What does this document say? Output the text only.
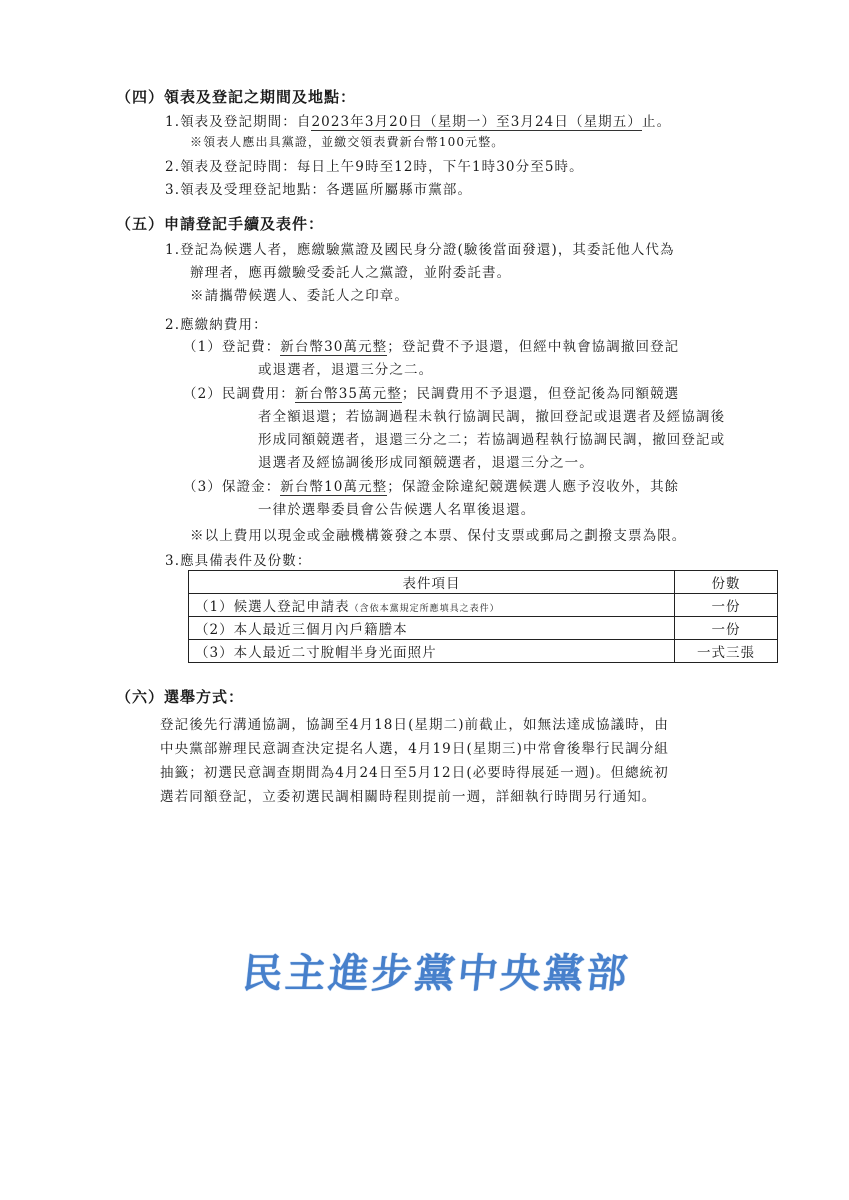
（四）領表及登記之期間及地點：
1.領表及登記期間：自2023年3月20日（星期一）至3月24日（星期五）止。
※領表人應出具黨證，並繳交領表費新台幣100元整。
2.領表及登記時間：每日上午9時至12時，下午1時30分至5時。
3.領表及受理登記地點：各選區所屬縣市黨部。
（五）申請登記手續及表件：
1.登記為候選人者，應繳驗黨證及國民身分證(驗後當面發還)，其委託他人代為
辦理者，應再繳驗受委託人之黨證，並附委託書。
※請攜帶候選人、委託人之印章。
2.應繳納費用：
（1）登記費：新台幣30萬元整；登記費不予退還，但經中執會協調撤回登記
或退選者，退還三分之二。
（2）民調費用：新台幣35萬元整；民調費用不予退還，但登記後為同額競選
者全額退還；若協調過程未執行協調民調，撤回登記或退選者及經協調後
形成同額競選者，退還三分之二；若協調過程執行協調民調，撤回登記或
退選者及經協調後形成同額競選者，退還三分之一。
（3）保證金：新台幣10萬元整；保證金除違紀競選候選人應予沒收外，其餘
一律於選舉委員會公告候選人名單後退還。
※以上費用以現金或金融機構簽發之本票、保付支票或郵局之劃撥支票為限。
3.應具備表件及份數：
表件項目	份數
（1）候選人登記申請表（含依本黨規定所應填具之表件）	一份
（2）本人最近三個月內戶籍謄本	一份
（3）本人最近二寸脫帽半身光面照片	一式三張
（六）選舉方式：
登記後先行溝通協調，協調至4月18日(星期二)前截止，如無法達成協議時，由
中央黨部辦理民意調查決定提名人選，4月19日(星期三)中常會後舉行民調分組
抽籤；初選民意調查期間為4月24日至5月12日(必要時得展延一週)。但總統初
選若同額登記，立委初選民調相關時程則提前一週，詳細執行時間另行通知。
民主進步黨中央黨部
